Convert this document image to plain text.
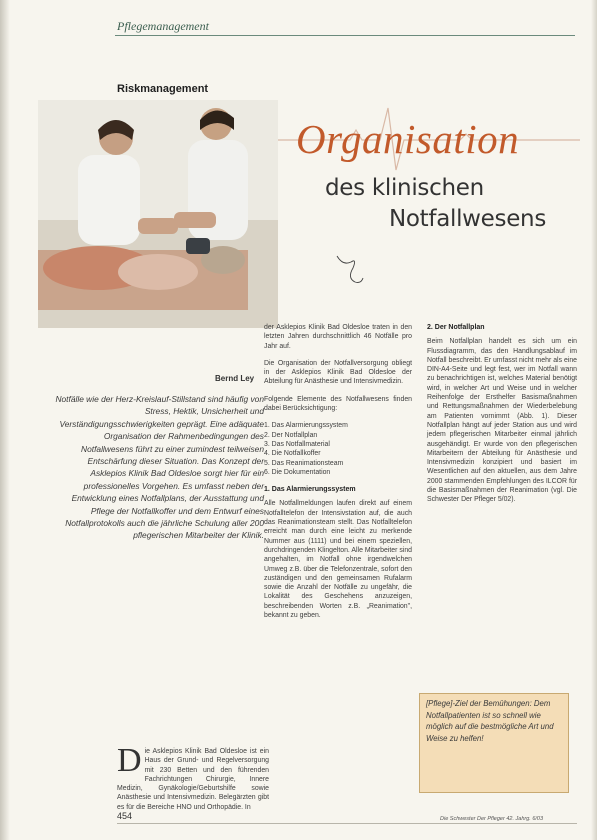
Pflegemanagement
Riskmanagement
Organisation
des klinischen
Notfallwesens
Bernd Ley
Notfälle wie der Herz-Kreislauf-Stillstand sind häufig von Stress, Hektik, Unsicherheit und Verständigungsschwierigkeiten geprägt. Eine adäquate Organisation der Rahmenbedingungen des Notfallwesens führt zu einer zumindest teilweisen Entschärfung dieser Situation. Das Konzept der Asklepios Klinik Bad Oldesloe sorgt hier für ein professionelles Vorgehen. Es umfasst neben der Entwicklung eines Notfallplans, der Ausstattung und Pflege der Notfallkoffer und dem Entwurf eines Notfallprotokolls auch die jährliche Schulung aller 200 pflegerischen Mitarbeiter der Klinik.
Die Asklepios Klinik Bad Oldesloe ist ein Haus der Grund- und Regelversorgung mit 230 Betten und den führenden Fachrichtungen Chirurgie, Innere Medizin, Gynäkologie/Geburtshilfe sowie Anästhesie und Intensivmedizin. Belegärzten gibt es für die Bereiche HNO und Orthopädie. In

der Asklepios Klinik Bad Oldesloe traten in den letzten Jahren durchschnittlich 46 Notfälle pro Jahr auf.

Die Organisation der Notfallversorgung obliegt in der Asklepios Klinik Bad Oldesloe der Abteilung für Anästhesie und Intensivmedizin.

Folgende Elemente des Notfallwesens finden dabei Berücksichtigung:

1. Das Alarmierungssystem
2. Der Notfallplan
3. Das Notfallmaterial
4. Die Notfallkoffer
5. Das Reanimationsteam
6. Die Dokumentation
1. Das Alarmierungssystem

Alle Notfallmeldungen laufen direkt auf einem Notfalltelefon der Intensivstation auf, die auch das Reanimationsteam stellt. Das Notfalltelefon erreicht man durch eine leicht zu merkende Nummer aus (1111) und bei einem speziellen, durchdringenden Klingelton. Alle Mitarbeiter sind angehalten, im Notfall ohne irgendwelchen Umweg z.B. über die Telefonzentrale, sofort den zuständigen und den gemeinsamen Rufalarm sowie die Anzahl der Notfälle zu ungefähr, die Lokalität des Geschehens anzuzeigen, beschreibenden Worten z.B. „Reanimation", bekannt zu geben.

2. Der Notfallplan

Beim Notfallplan handelt es sich um ein Flussdiagramm, das den Handlungsablauf im Notfall beschreibt. Er umfasst nicht mehr als eine DIN-A4-Seite und legt fest, wer im Notfall wann zu benachrichtigen ist, welches Material benötigt wird, in welcher Art und Weise und in welcher Reihenfolge der Ersthelfer Basismaßnahmen und Rettungsmaßnahmen der Wiederbelebung am Patienten vornimmt (Abb. 1). Dieser Notfallplan hängt auf jeder Station aus und wird jedem pflegerischen Mitarbeiter einmal jährlich ausgehändigt. Er wurde von den pflegerischen Mitarbeitern der Abteilung für Anästhesie und Intensivmedizin konzipiert und basiert im Wesentlichen auf den aktuellen, aus dem Jahre 2000 stammenden Empfehlungen des ILCOR für die Basismaßnahmen der Reanimation (vgl. Die Schwester Der Pfleger 5/02).

[Pflege]-Ziel der Bemühungen: Dem Notfallpatienten ist so schnell wie möglich auf die bestmögliche Art und Weise zu helfen!
454	Die Schwester Der Pfleger 42. Jahrg. 6/03
